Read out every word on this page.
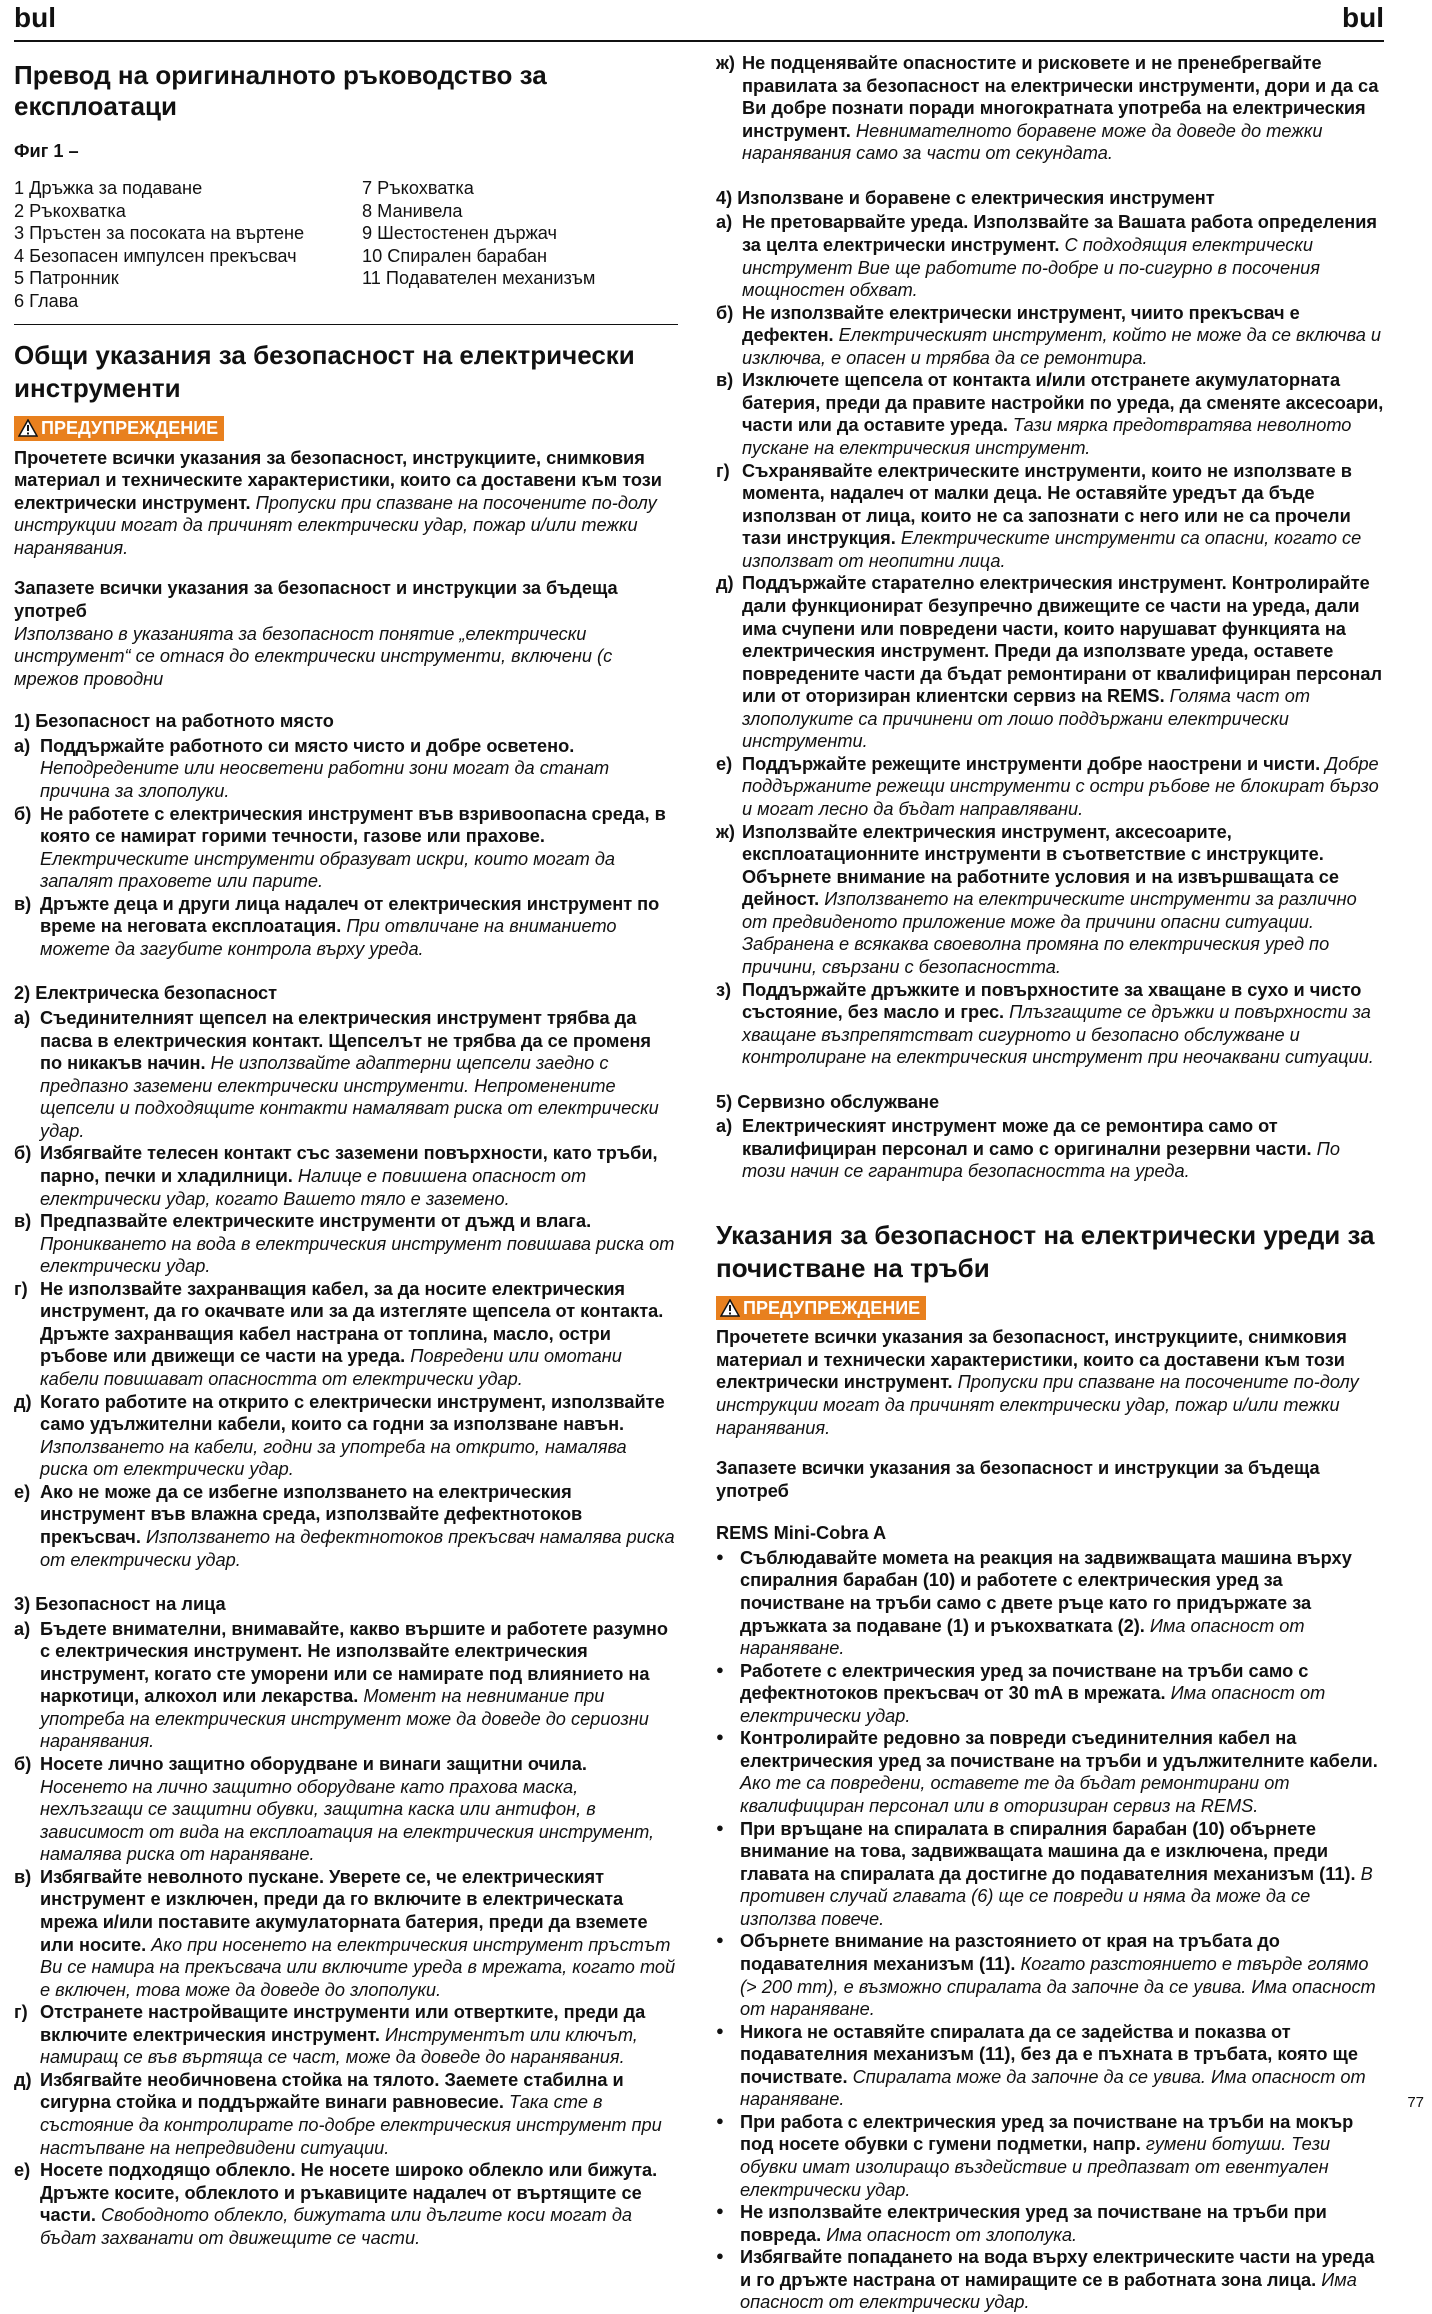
bul	bul
Превод на оригиналното ръководство за експлоатаци
Фиг 1 –
1 Дръжка за подаване	7 Ръкохватка
2 Ръкохватка	8 Манивела
3 Пръстен за посоката на въртене	9 Шестостенен държач
4 Безопасен импулсен прекъсвач	10 Спирален барабан
5 Патронник	11 Подавателен механизъм
6 Глава
Общи указания за безопасност на електрически инструменти
ПРЕДУПРЕЖДЕНИЕ

Прочетете всички указания за безопасност, инструкциите, снимковия материал и техническите характеристики, които са доставени към този електрически инструмент. Пропуски при спазване на посочените по-долу инструкции могат да причинят електрически удар, пожар и/или тежки наранявания.

Запазете всички указания за безопасност и инструкции за бъдеща употреб
Използвано в указанията за безопасност понятие „електрически инструмент“ се отнася до електрически инструменти, включени (с мрежов проводни

1) Безопасност на работното място
а) Поддържайте работното си място чисто и добре осветено. Неподредените или неосветени работни зони могат да станат причина за злополуки.
б) Не работете с електрическия инструмент във взривоопасна среда, в която се намират горими течности, газове или прахове. Електрическите инструменти образуват искри, които могат да запалят праховете или парите.
в) Дръжте деца и други лица надалеч от електрическия инструмент по време на неговата експлоатация. При отвличане на вниманието можете да загубите контрола върху уреда.
2) Електрическа безопасност
а) Съединителният щепсел на електрическия инструмент трябва да пасва в електрическия контакт. Щепселът не трябва да се променя по никакъв начин. Не използвайте адаптерни щепсели заедно с предпазно заземени електрически инструменти. Непроменените щепсели и подходящите контакти намаляват риска от електрически удар.
б) Избягвайте телесен контакт със заземени повърхности, като тръби, парно, печки и хладилници. Налице е повишена опасност от електрически удар, когато Вашето тяло е заземено.
в) Предпазвайте електрическите инструменти от дъжд и влага. Проникването на вода в електрическия инструмент повишава риска от електрически удар.
г) Не използвайте захранващия кабел, за да носите електрическия инструмент, да го окачвате или за да изтегляте щепсела от контакта. Дръжте захранващия кабел настрана от топлина, масло, остри ръбове или движещи се части на уреда. Повредени или омотани кабели повишават опасността от електрически удар.
д) Когато работите на открито с електрически инструмент, използвайте само удължителни кабели, които са годни за използване навън. Използването на кабели, годни за употреба на открито, намалява риска от електрически удар.
е) Ако не може да се избегне използването на електрическия инструмент във влажна среда, използвайте дефектнотоков прекъсвач. Използването на дефектнотоков прекъсвач намалява риска от електрически удар.
3) Безопасност на лица
а) Бъдете внимателни, внимавайте, какво вършите и работете разумно с електрическия инструмент. Не използвайте електрическия инструмент, когато сте уморени или се намирате под влиянието на наркотици, алкохол или лекарства. Момент на невнимание при употреба на електрическия инструмент може да доведе до сериозни наранявания.
б) Носете лично защитно оборудване и винаги защитни очила. Носенето на лично защитно оборудване като прахова маска, нехлъзгащи се защитни обувки, защитна каска или антифон, в зависимост от вида на експлоатация на електрическия инструмент, намалява риска от нараняване.
в) Избягвайте неволното пускане. Уверете се, че електрическият инструмент е изключен, преди да го включите в електрическата мрежа и/или поставите акумулаторната батерия, преди да вземете или носите. Ако при носенето на електрическия инструмент пръстът Ви се намира на прекъсвача или включите уреда в мрежата, когато той е включен, това може да доведе до злополуки.
г) Отстранете настройващите инструменти или отвертките, преди да включите електрическия инструмент. Инструментът или ключът, намиращ се във въртяща се част, може да доведе до наранявания.
д) Избягвайте необичновена стойка на тялото. Заемете стабилна и сигурна стойка и поддържайте винаги равновесие. Така сте в състояние да контролирате по-добре електрическия инструмент при настъпване на непредвидени ситуации.
е) Носете подходящо облекло. Не носете широко облекло или бижута. Дръжте косите, облеклото и ръкавиците надалеч от въртящите се части. Свободното облекло, бижутата или дългите коси могат да бъдат захванати от движещите се части.
ж) Не подценявайте опасностите и рисковете и не пренебрегвайте правилата за безопасност на електрически инструменти, дори и да са Ви добре познати поради многократната употреба на електрическия инструмент. Невнимателното боравене може да доведе до тежки наранявания само за части от секундата.
4) Използване и боравене с електрическия инструмент
а) Не претоварвайте уреда. Използвайте за Вашата работа определения за целта електрически инструмент. С подходящия електрически инструмент Вие ще работите по-добре и по-сигурно в посочения мощностен обхват.
б) Не използвайте електрически инструмент, чиито прекъсвач е дефектен. Електрическият инструмент, който не може да се включва и изключва, е опасен и трябва да се ремонтира.
в) Изключете щепсела от контакта и/или отстранете акумулаторната батерия, преди да правите настройки по уреда, да сменяте аксесоари, части или да оставите уреда. Тази мярка предотвратява неволното пускане на електрическия инструмент.
г) Съхранявайте електрическите инструменти, които не използвате в момента, надалеч от малки деца. Не оставяйте уредът да бъде използван от лица, които не са запознати с него или не са прочели тази инструкция. Електрическите инструменти са опасни, когато се използват от неопитни лица.
д) Поддържайте старателно електрическия инструмент. Контролирайте дали функционират безупречно движещите се части на уреда, дали има счупени или повредени части, които нарушават функцията на електрическия инструмент. Преди да използвате уреда, оставете повредените части да бъдат ремонтирани от квалифициран персонал или от оторизиран клиентски сервиз на REMS. Голяма част от злополуките са причинени от лошо поддържани електрически инструменти.
е) Поддържайте режещите инструменти добре наострени и чисти. Добре поддържаните режещи инструменти с остри ръбове не блокират бързо и могат лесно да бъдат направлявани.
ж) Използвайте електрическия инструмент, аксесоарите, експлоатационните инструменти в съответствие с инструкците. Обърнете внимание на работните условия и на извършващата се дейност. Използването на електрическите инструменти за различно от предвиденото приложение може да причини опасни ситуации. Забранена е всякаква своеволна промяна по електрическия уред по причини, свързани с безопасността.
з) Поддържайте дръжките и повърхностите за хващане в сухо и чисто състояние, без масло и грес. Плъзгащите се дръжки и повърхности за хващане възпрепятстват сигурното и безопасно обслужване и контролиране на електрическия инструмент при неочаквани ситуации.
5) Сервизно обслужване
а) Електрическият инструмент може да се ремонтира само от квалифициран персонал и само с оригинални резервни части. По този начин се гарантира безопасността на уреда.
Указания за безопасност на електрически уреди за почистване на тръби
ПРЕДУПРЕЖДЕНИЕ

Прочетете всички указания за безопасност, инструкциите, снимковия материал и технически характеристики, които са доставени към този електрически инструмент. Пропуски при спазване на посочените по-долу инструкции могат да причинят електрически удар, пожар и/или тежки наранявания.

Запазете всички указания за безопасност и инструкции за бъдеща употреб

REMS Mini-Cobra A
● Съблюдавайте момета на реакция на задвижващата машина върху спиралния барабан (10) и работете с електрическия уред за почистване на тръби само с двете ръце като го придържате за дръжката за подаване (1) и ръкохватката (2). Има опасност от нараняване.
● Работете с електрическия уред за почистване на тръби само с дефектнотоков прекъсвач от 30 mA в мрежата. Има опасност от електрически удар.
● Контролирайте редовно за повреди съединителния кабел на електрическия уред за почистване на тръби и удължителните кабели. Ако те са повредени, оставете те да бъдат ремонтирани от квалифициран персонал или в оторизиран сервиз на REMS.
● При връщане на спиралата в спиралния барабан (10) обърнете внимание на това, задвижващата машина да е изключена, преди главата на спиралата да достигне до подавателния механизъм (11). В противен случай главата (6) ще се повреди и няма да може да се използва повече.
● Обърнете внимание на разстоянието от края на тръбата до подавателния механизъм (11). Когато разстоянието е твърде голямо (> 200 mm), е възможно спиралата да започне да се увива. Има опасност от нараняване.
● Никога не оставяйте спиралата да се задейства и показва от подавателния механизъм (11), без да е пъхната в тръбата, която ще почиствате. Спиралата може да започне да се увива. Има опасност от нараняване.
● При работа с електрическия уред за почистване на тръби на мокър под носете обувки с гумени подметки, напр. гумени ботуши. Тези обувки имат изолиращо въздействие и предпазват от евентуален електрически удар.
● Не използвайте електрическия уред за почистване на тръби при повреда. Има опасност от злополука.
● Избягвайте попадането на вода върху електрическите части на уреда и го дръжте настрана от намиращите се в работната зона лица. Има опасност от електрически удар.
77
